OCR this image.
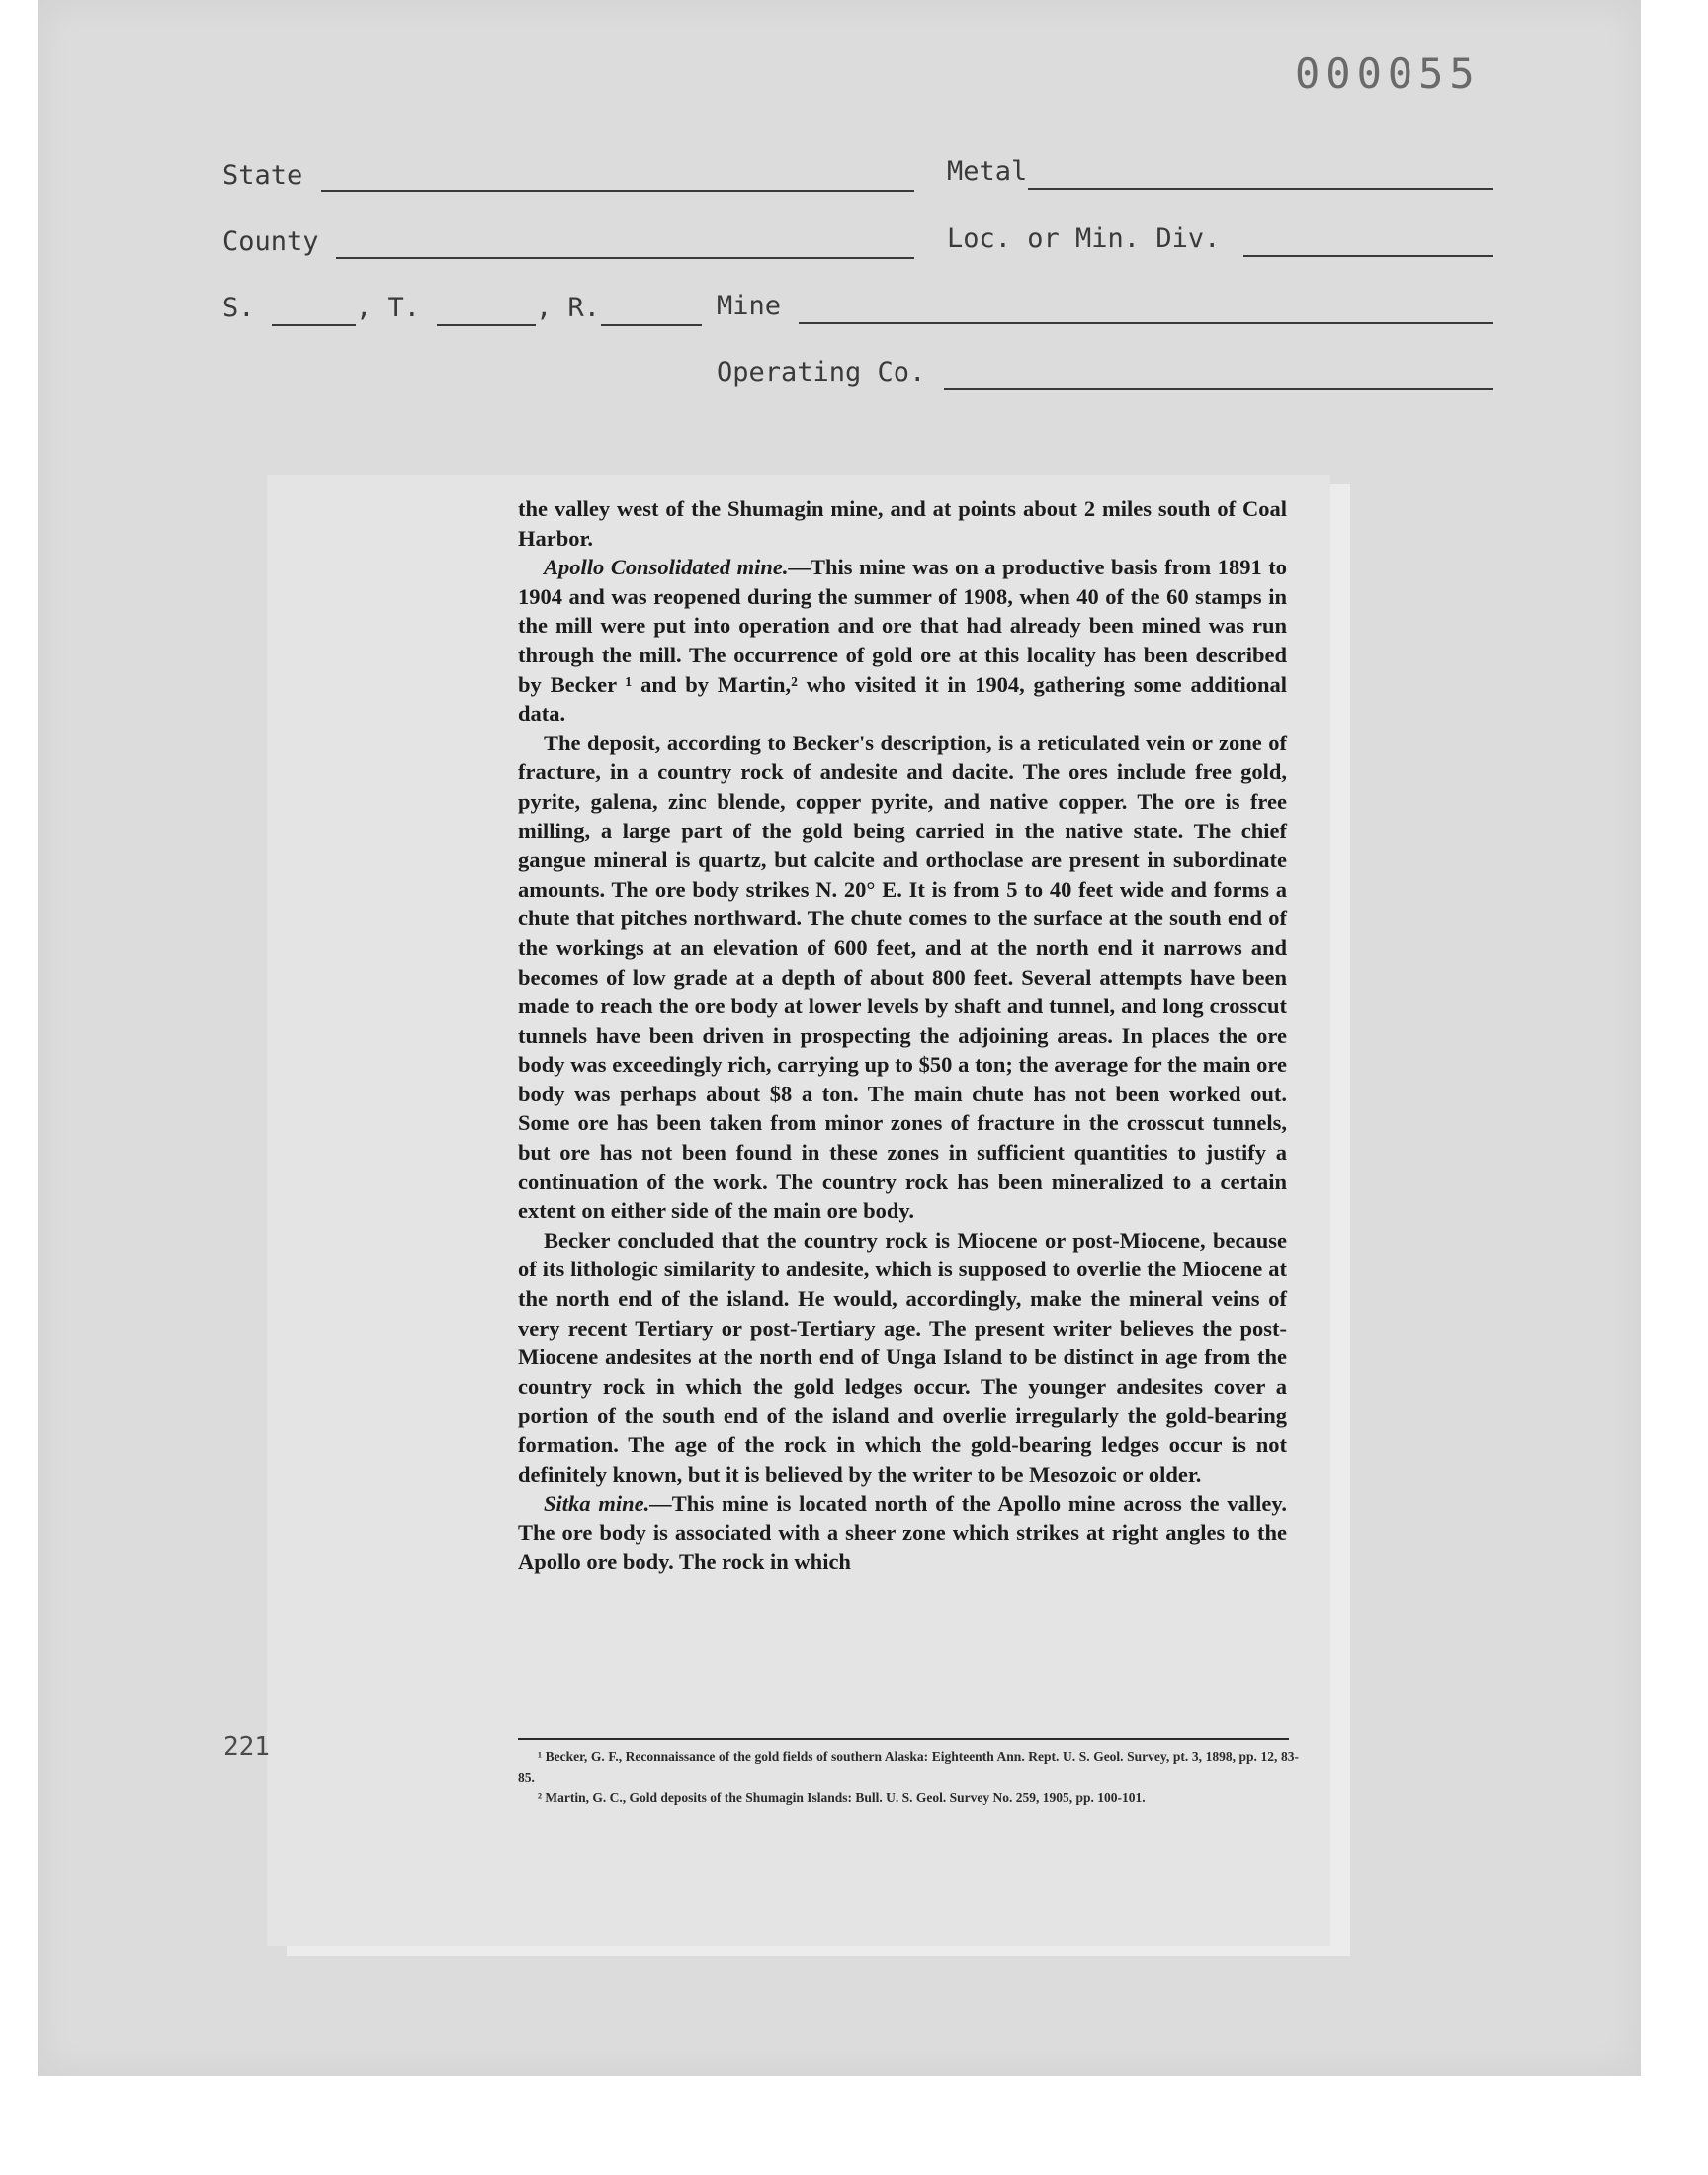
000055
State	Metal
County	Loc. or Min. Div.
S.	, T.	, R.	Mine
Operating Co.

the valley west of the Shumagin mine, and at points about 2 miles south of Coal Harbor.

Apollo Consolidated mine.—This mine was on a productive basis from 1891 to 1904 and was reopened during the summer of 1908, when 40 of the 60 stamps in the mill were put into operation and ore that had already been mined was run through the mill. The occurrence of gold ore at this locality has been described by Becker ¹ and by Martin,² who visited it in 1904, gathering some additional data.

The deposit, according to Becker's description, is a reticulated vein or zone of fracture, in a country rock of andesite and dacite. The ores include free gold, pyrite, galena, zinc blende, copper pyrite, and native copper. The ore is free milling, a large part of the gold being carried in the native state. The chief gangue mineral is quartz, but calcite and orthoclase are present in subordinate amounts. The ore body strikes N. 20° E. It is from 5 to 40 feet wide and forms a chute that pitches northward. The chute comes to the surface at the south end of the workings at an elevation of 600 feet, and at the north end it narrows and becomes of low grade at a depth of about 800 feet. Several attempts have been made to reach the ore body at lower levels by shaft and tunnel, and long crosscut tunnels have been driven in prospecting the adjoining areas. In places the ore body was exceedingly rich, carrying up to $50 a ton; the average for the main ore body was perhaps about $8 a ton. The main chute has not been worked out. Some ore has been taken from minor zones of fracture in the crosscut tunnels, but ore has not been found in these zones in sufficient quantities to justify a continuation of the work. The country rock has been mineralized to a certain extent on either side of the main ore body.

Becker concluded that the country rock is Miocene or post-Miocene, because of its lithologic similarity to andesite, which is supposed to overlie the Miocene at the north end of the island. He would, accordingly, make the mineral veins of very recent Tertiary or post-Tertiary age. The present writer believes the post-Miocene andesites at the north end of Unga Island to be distinct in age from the country rock in which the gold ledges occur. The younger andesites cover a portion of the south end of the island and overlie irregularly the gold-bearing formation. The age of the rock in which the gold-bearing ledges occur is not definitely known, but it is believed by the writer to be Mesozoic or older.

Sitka mine.—This mine is located north of the Apollo mine across the valley. The ore body is associated with a sheer zone which strikes at right angles to the Apollo ore body. The rock in which

¹ Becker, G. F., Reconnaissance of the gold fields of southern Alaska: Eighteenth Ann. Rept. U. S. Geol. Survey, pt. 3, 1898, pp. 12, 83-85.

² Martin, G. C., Gold deposits of the Shumagin Islands: Bull. U. S. Geol. Survey No. 259, 1905, pp. 100-101.

221
